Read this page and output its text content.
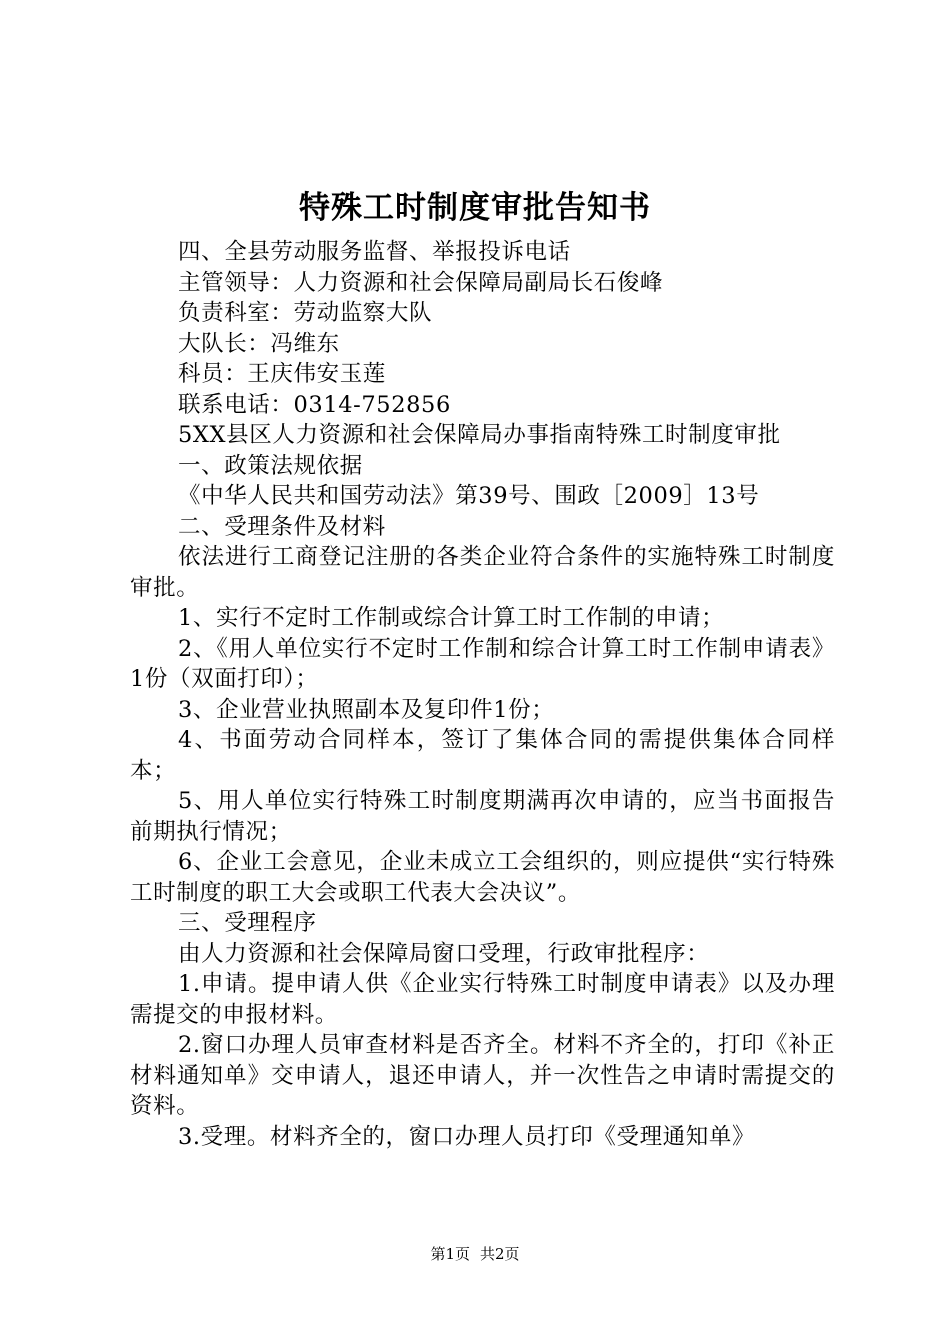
特殊工时制度审批告知书

四、全县劳动服务监督、举报投诉电话

主管领导：人力资源和社会保障局副局长石俊峰

负责科室：劳动监察大队

大队长：冯维东

科员：王庆伟安玉莲

联系电话：0314-752856

5XX县区人力资源和社会保障局办事指南特殊工时制度审批

一、政策法规依据

《中华人民共和国劳动法》第39号、围政［2009］13号

二、受理条件及材料

依法进行工商登记注册的各类企业符合条件的实施特殊工时制度审批。

1、实行不定时工作制或综合计算工时工作制的申请；

2、《用人单位实行不定时工作制和综合计算工时工作制申请表》1份（双面打印）；

3、企业营业执照副本及复印件1份；

4、书面劳动合同样本，签订了集体合同的需提供集体合同样本；

5、用人单位实行特殊工时制度期满再次申请的，应当书面报告前期执行情况；

6、企业工会意见，企业未成立工会组织的，则应提供“实行特殊工时制度的职工大会或职工代表大会决议”。

三、受理程序

由人力资源和社会保障局窗口受理，行政审批程序：

1.申请。提申请人供《企业实行特殊工时制度申请表》以及办理需提交的申报材料。

2.窗口办理人员审查材料是否齐全。材料不齐全的，打印《补正材料通知单》交申请人，退还申请人，并一次性告之申请时需提交的资料。

3.受理。材料齐全的，窗口办理人员打印《受理通知单》

第1页 共2页
